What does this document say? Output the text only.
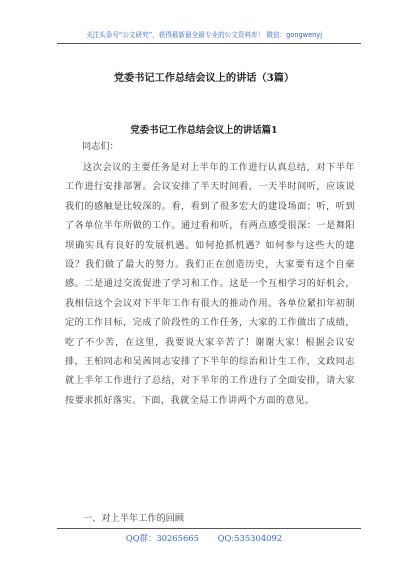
关注头条号“公文研究”，获得最新最全最专业的公文资料库！ 微信：gongwenyj
党委书记工作总结会议上的讲话（3篇）
党委书记工作总结会议上的讲话篇1
同志们：

这次会议的主要任务是对上半年的工作进行认真总结，对下半年工作进行安排部署。会议安排了半天时间看，一天半时间听，应该说我们的感触是比较深的。看，看到了很多宏大的建设场面；听，听到了各单位半年所做的工作。通过看和听，有两点感受很深：一是舞阳坝确实具有良好的发展机遇。如何抢抓机遇？如何参与这些大的建设？我们做了最大的努力。我们正在创造历史，大家要有这个自豪感。二是通过交流促进了学习和工作。这是一个互相学习的好机会，我相信这个会议对下半年工作有很大的推动作用。各单位紧扣年初制定的工作目标，完成了阶段性的工作任务，大家的工作做出了成绩，吃了不少苦，在这里，我要说大家辛苦了！谢谢大家！根据会议安排，王柏同志和吴茜同志安排了下半年的综治和计生工作，文政同志就上半年工作进行了总结，对下半年的工作进行了全面安排，请大家按要求抓好落实。下面，我就全局工作讲两个方面的意见。

一、对上半年工作的回顾
QQ群：30265665 QQ:535304092
